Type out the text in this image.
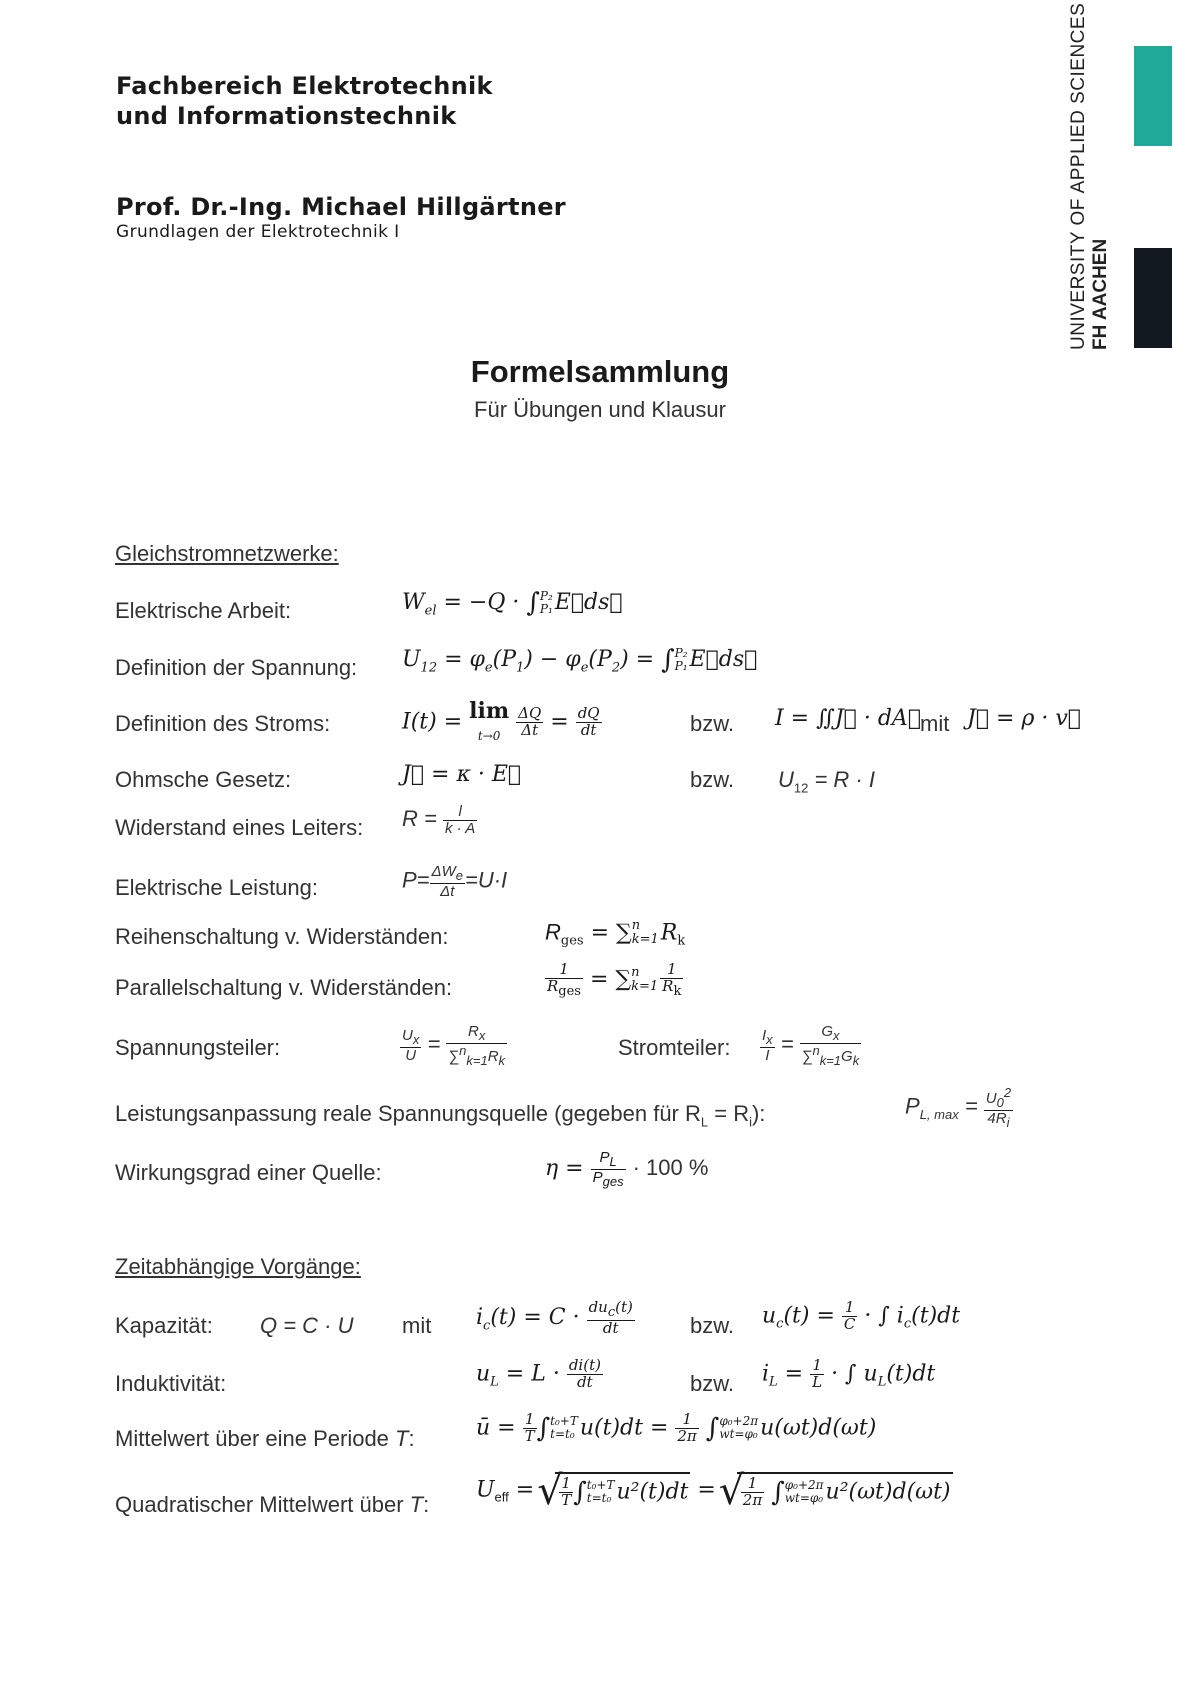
Fachbereich Elektrotechnik
und Informationstechnik
Prof. Dr.-Ing. Michael Hillgärtner
Grundlagen der Elektrotechnik I	UNIVERSITY OF APPLIED SCIENCES FH AACHEN
Formelsammlung
Für Übungen und Klausur
Gleichstromnetzwerke:
Elektrische Arbeit:	$W_{el} = -Q$ · ∫ P₂
P₁ E⃗ds⃗
Definition der Spannung: $U_{12} = \varphi_e(P_1) - \varphi_e(P_2)$ = ∫ P₂
P₁ E⃗ds⃗
Definition des Stroms:	I(t) = lim
$t\to 0 \frac{\Delta Q}{\Delta t} = \frac{dQ}{dt}$	bzw. I = ∬J⃗ · dA⃗
mit J⃗ = ρ · v⃗
Ohmsche Gesetz:	J⃗ = κ · E⃗	bzw. $U_{12} = R \cdot I$
Widerstand eines Leiters: $R = \frac{l}{k \cdot A}$
Elektrische Leistung:	$P= \frac{\Delta W_e}{\Delta t} =U\cdot I$
Reihenschaltung v. Widerständen:	$R_{ges}$ = ∑ n
k=1 $R_k$
Parallelschaltung v. Widerständen:	$\frac{1}{R_{ges}}$ = ∑ n
$k=1 \frac{1}{R_k}$
Spannungsteiler:	$\frac{U_x}{U} = \frac{R_x}{\sum^n_{k=1}R_k}$	Stromteiler: $\frac{I_x}{I} = \frac{G_x}{\sum^n_{k=1}G_k}$
Leistungsanpassung reale Spannungsquelle (gegeben für $R_L = R_i$):	$P_{L, max} = \frac{U_0^2}{4R_i}$
Wirkungsgrad einer Quelle:	$\eta = \frac{P_L}{P_{ges}} \cdot 100$ %
Zeitabhängige Vorgänge:
Kapazität: Q = C · U mit $i_c(t) = C \cdot \frac{du_c(t)}{dt}$	bzw. $u_c(t) = \frac{1}{C}$ · ∫ $i_c(t)dt$
Induktivität:	$u_L = L \cdot \frac{di(t)}{dt}$	bzw. $i_L = \frac{1}{L}$ · ∫ $u_L(t)dt$
Mittelwert über eine Periode T:	ū = $\frac{1}{T}$ ∫ t₀+T
t=t₀ $u(t)dt = \frac{1}{2\pi}$ ∫ φ₀+2π
wt=φ₀ u(ωt)d(ωt)
Quadratischer Mittelwert über T:
$U_{eff}$ = √ $\frac{1}{T}$ ∫ t₀+T
t=t₀ u²(t)dt = √ $\frac{1}{2\pi}$ ∫ φ₀+2π
wt=φ₀ u²(ωt)d(ωt)
